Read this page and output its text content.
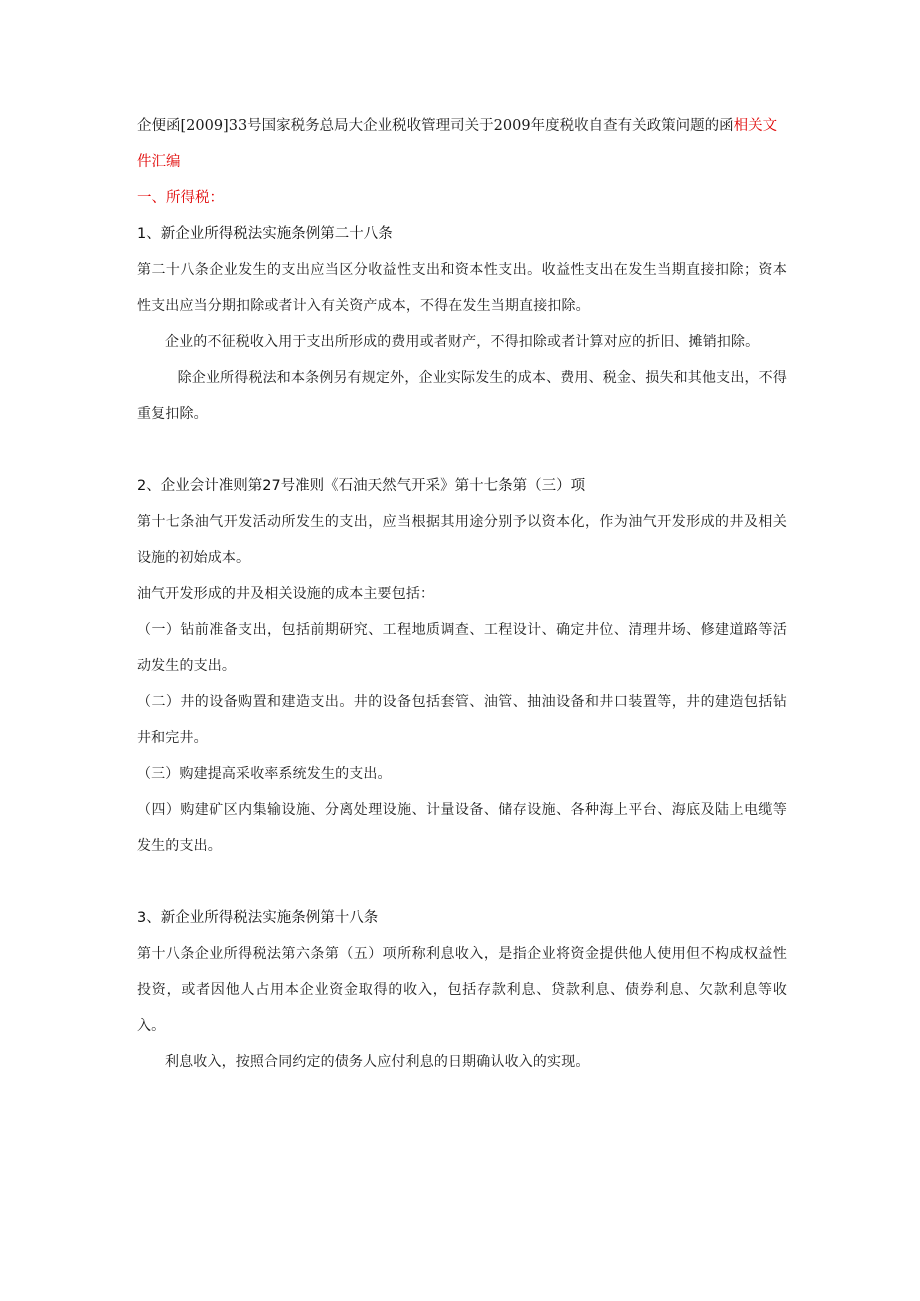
企便函[2009]33号国家税务总局大企业税收管理司关于2009年度税收自查有关政策问题的函相关文件汇编

一、所得税：

1、新企业所得税法实施条例第二十八条

第二十八条企业发生的支出应当区分收益性支出和资本性支出。收益性支出在发生当期直接扣除；资本性支出应当分期扣除或者计入有关资产成本，不得在发生当期直接扣除。

企业的不征税收入用于支出所形成的费用或者财产，不得扣除或者计算对应的折旧、摊销扣除。

除企业所得税法和本条例另有规定外，企业实际发生的成本、费用、税金、损失和其他支出，不得重复扣除。

2、企业会计准则第27号准则《石油天然气开采》第十七条第（三）项

第十七条油气开发活动所发生的支出，应当根据其用途分别予以资本化，作为油气开发形成的井及相关设施的初始成本。

油气开发形成的井及相关设施的成本主要包括：

（一）钻前准备支出，包括前期研究、工程地质调查、工程设计、确定井位、清理井场、修建道路等活动发生的支出。

（二）井的设备购置和建造支出。井的设备包括套管、油管、抽油设备和井口装置等，井的建造包括钻井和完井。

（三）购建提高采收率系统发生的支出。

（四）购建矿区内集输设施、分离处理设施、计量设备、储存设施、各种海上平台、海底及陆上电缆等发生的支出。

3、新企业所得税法实施条例第十八条

第十八条企业所得税法第六条第（五）项所称利息收入，是指企业将资金提供他人使用但不构成权益性投资，或者因他人占用本企业资金取得的收入，包括存款利息、贷款利息、债券利息、欠款利息等收入。

利息收入，按照合同约定的债务人应付利息的日期确认收入的实现。
